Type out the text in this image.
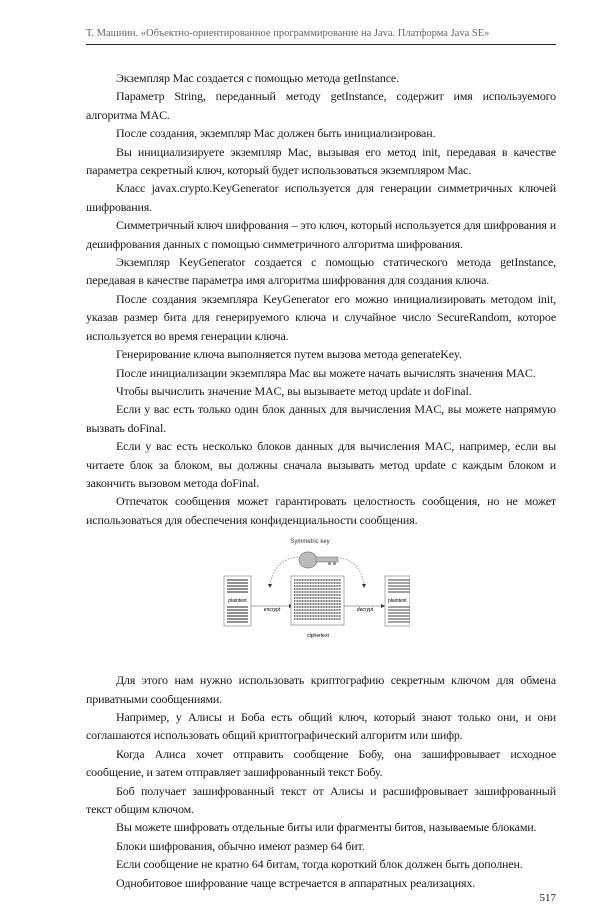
Т. Машнин. «Объектно-ориентированное программирование на Java. Платформа Java SE»

Экземпляр Mac создается с помощью метода getInstance.

Параметр String, переданный методу getInstance, содержит имя используемого алгоритма MAC.

После создания, экземпляр Mac должен быть инициализирован.

Вы инициализируете экземпляр Mac, вызывая его метод init, передавая в качестве параметра секретный ключ, который будет использоваться экземпляром Mac.

Класс javax.crypto.KeyGenerator используется для генерации симметричных ключей шифрования.

Симметричный ключ шифрования – это ключ, который используется для шифрования и дешифрования данных с помощью симметричного алгоритма шифрования.

Экземпляр KeyGenerator создается с помощью статического метода getInstance, передавая в качестве параметра имя алгоритма шифрования для создания ключа.

После создания экземпляра KeyGenerator его можно инициализировать методом init, указав размер бита для генерируемого ключа и случайное число SecureRandom, которое используется во время генерации ключа.

Генерирование ключа выполняется путем вызова метода generateKey.

После инициализации экземпляра Mac вы можете начать вычислять значения MAC.

Чтобы вычислить значение MAC, вы вызываете метод update и doFinal.

Если у вас есть только один блок данных для вычисления MAC, вы можете напрямую вызвать doFinal.

Если у вас есть несколько блоков данных для вычисления MAC, например, если вы читаете блок за блоком, вы должны сначала вызывать метод update с каждым блоком и закончить вызовом метода doFinal.

Отпечаток сообщения может гарантировать целостность сообщения, но не может использоваться для обеспечения конфиденциальности сообщения.

Symmetric key
plaintext
encrypt
ciphertext
decrypt
plaintext

Для этого нам нужно использовать криптографию секретным ключом для обмена приватными сообщениями.

Например, у Алисы и Боба есть общий ключ, который знают только они, и они соглашаются использовать общий криптографический алгоритм или шифр.

Когда Алиса хочет отправить сообщение Бобу, она зашифровывает исходное сообщение, и затем отправляет зашифрованный текст Бобу.

Боб получает зашифрованный текст от Алисы и расшифровывает зашифрованный текст общим ключом.

Вы можете шифровать отдельные биты или фрагменты битов, называемые блоками.

Блоки шифрования, обычно имеют размер 64 бит.

Если сообщение не кратно 64 битам, тогда короткий блок должен быть дополнен.

Однобитовое шифрование чаще встречается в аппаратных реализациях.

517
